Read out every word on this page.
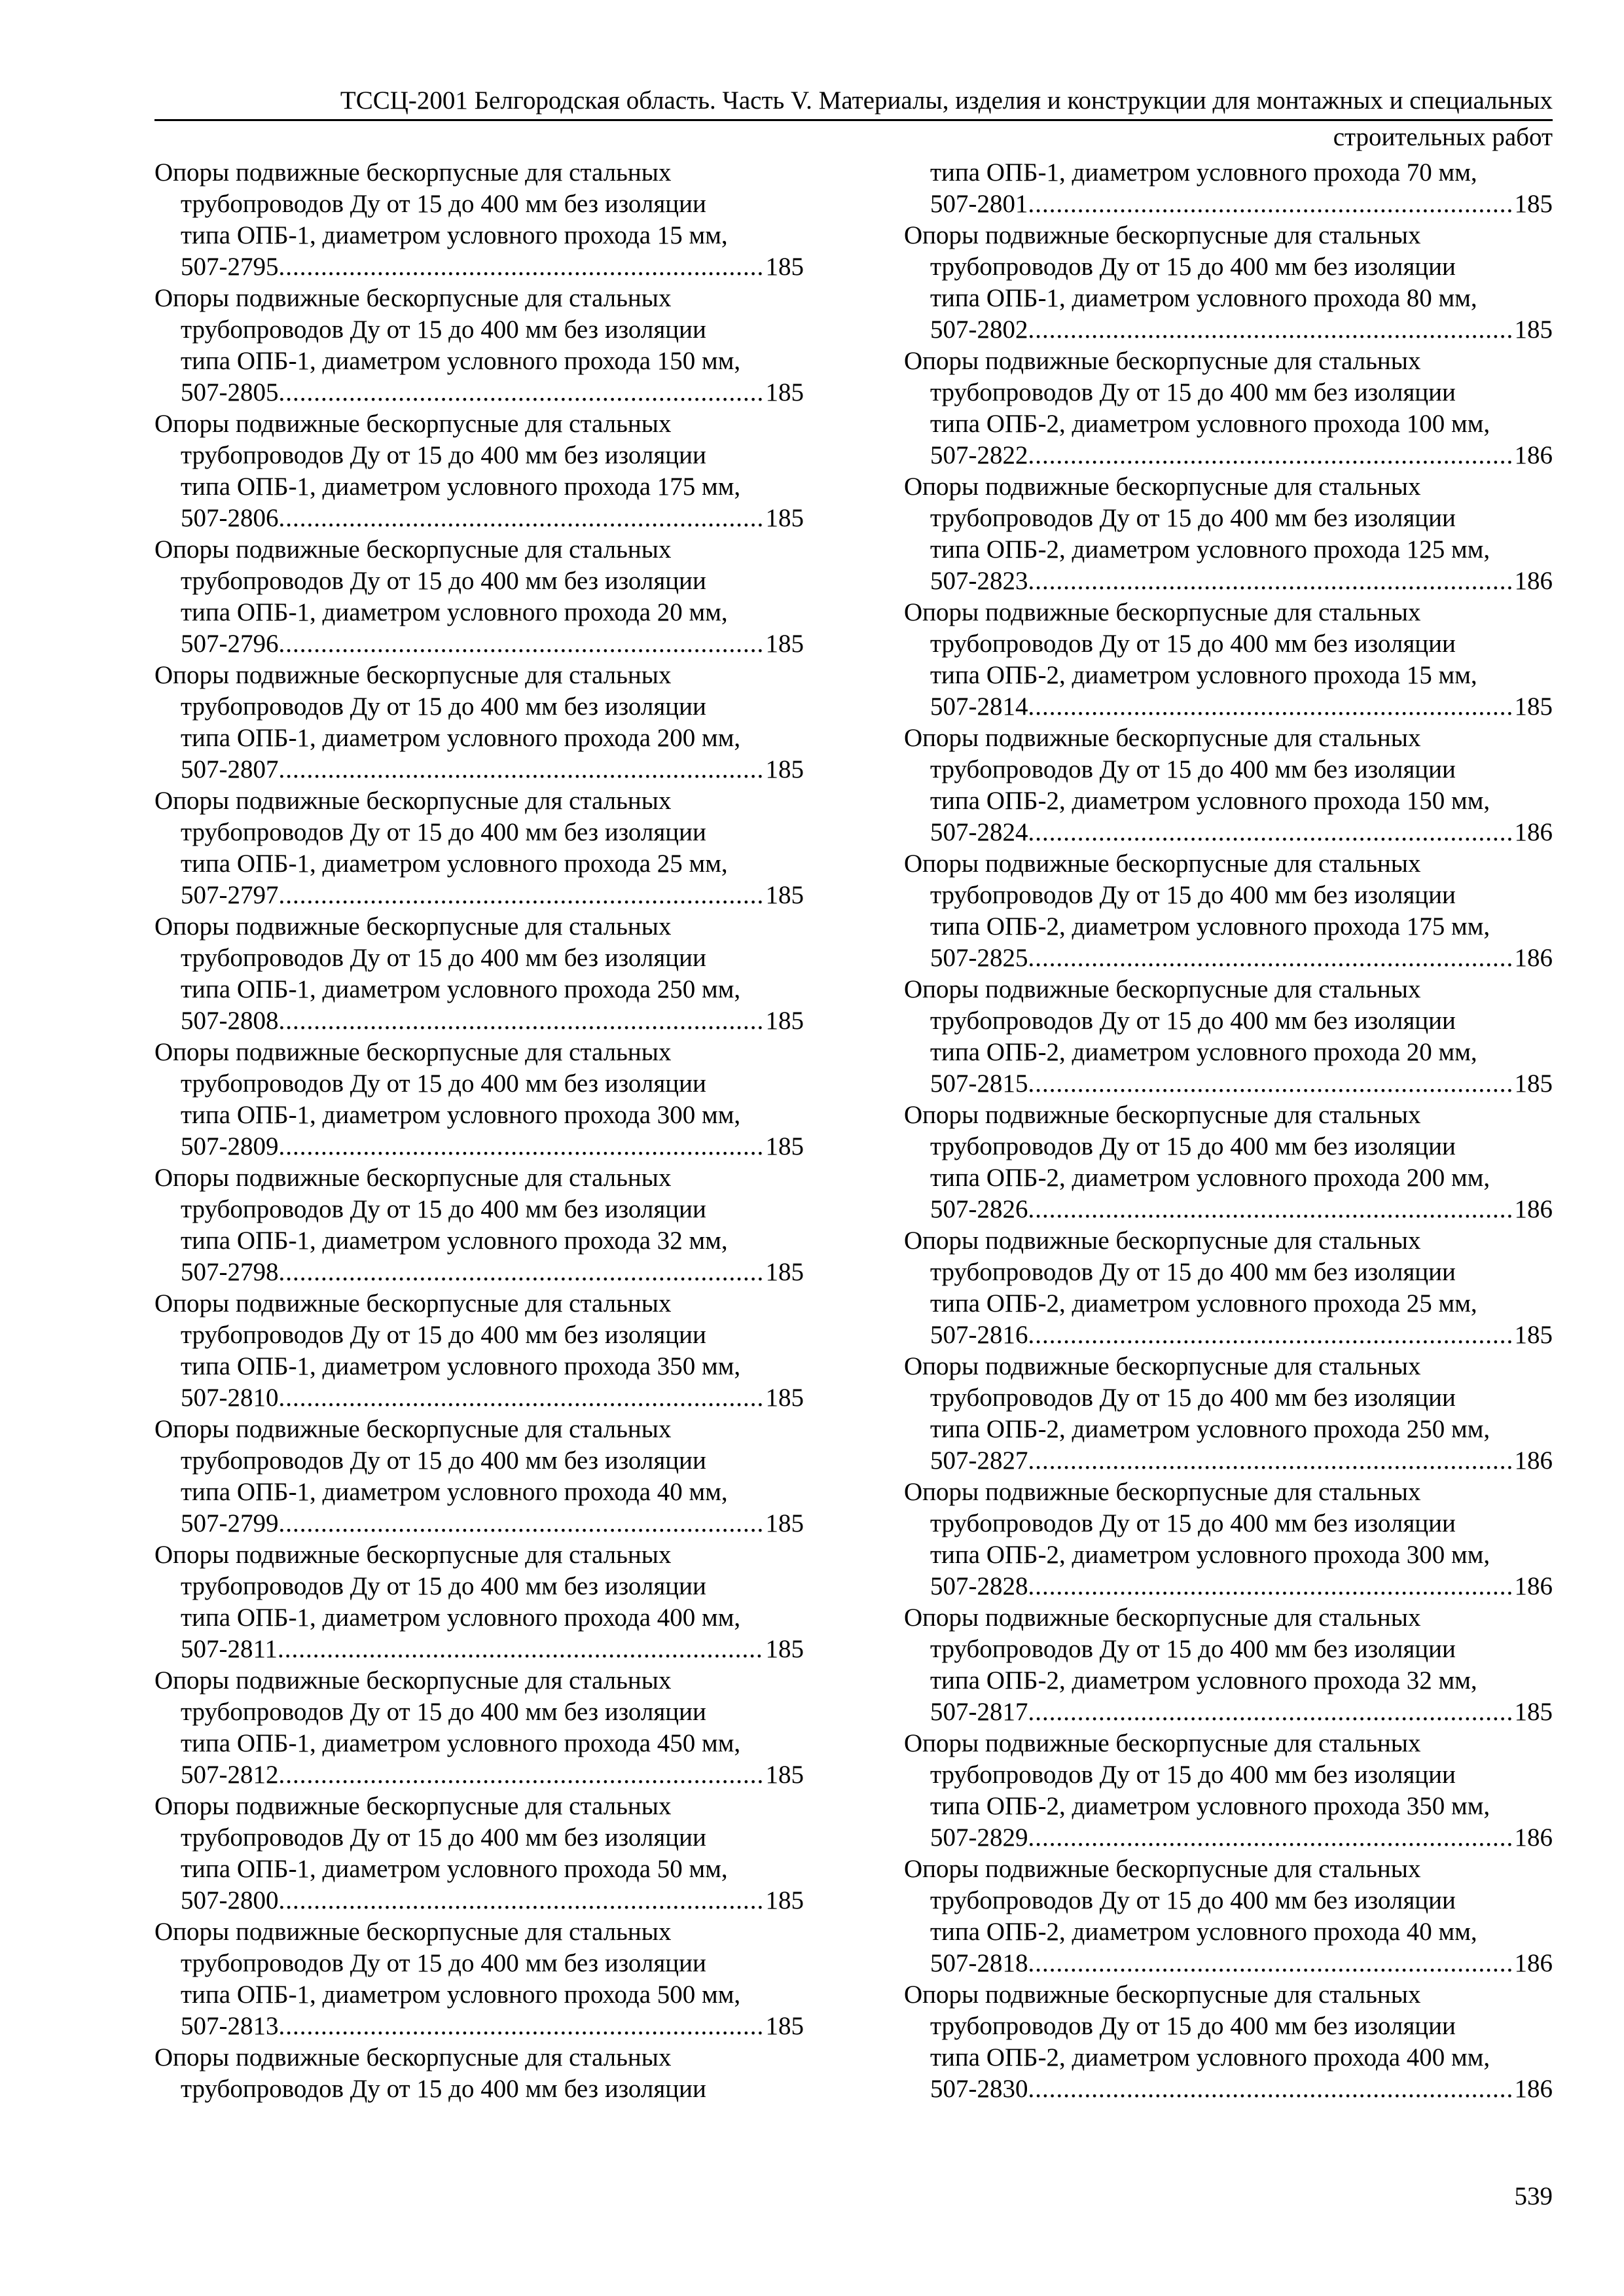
ТССЦ-2001 Белгородская область. Часть V. Материалы, изделия и конструкции для монтажных и специальных
строительных работ
Опоры подвижные бескорпусные для стальных
трубопроводов Ду от 15 до 400 мм без изоляции
типа ОПБ-1, диаметром условного прохода 15 мм,
507-2795 .....	185
Опоры подвижные бескорпусные для стальных
трубопроводов Ду от 15 до 400 мм без изоляции
типа ОПБ-1, диаметром условного прохода 150 мм,
507-2805 .....	185
Опоры подвижные бескорпусные для стальных
трубопроводов Ду от 15 до 400 мм без изоляции
типа ОПБ-1, диаметром условного прохода 175 мм,
507-2806 .....	185
Опоры подвижные бескорпусные для стальных
трубопроводов Ду от 15 до 400 мм без изоляции
типа ОПБ-1, диаметром условного прохода 20 мм,
507-2796 .....	185
Опоры подвижные бескорпусные для стальных
трубопроводов Ду от 15 до 400 мм без изоляции
типа ОПБ-1, диаметром условного прохода 200 мм,
507-2807 .....	185
Опоры подвижные бескорпусные для стальных
трубопроводов Ду от 15 до 400 мм без изоляции
типа ОПБ-1, диаметром условного прохода 25 мм,
507-2797 .....	185
Опоры подвижные бескорпусные для стальных
трубопроводов Ду от 15 до 400 мм без изоляции
типа ОПБ-1, диаметром условного прохода 250 мм,
507-2808 .....	185
Опоры подвижные бескорпусные для стальных
трубопроводов Ду от 15 до 400 мм без изоляции
типа ОПБ-1, диаметром условного прохода 300 мм,
507-2809 .....	185
Опоры подвижные бескорпусные для стальных
трубопроводов Ду от 15 до 400 мм без изоляции
типа ОПБ-1, диаметром условного прохода 32 мм,
507-2798 .....	185
Опоры подвижные бескорпусные для стальных
трубопроводов Ду от 15 до 400 мм без изоляции
типа ОПБ-1, диаметром условного прохода 350 мм,
507-2810 .....	185
Опоры подвижные бескорпусные для стальных
трубопроводов Ду от 15 до 400 мм без изоляции
типа ОПБ-1, диаметром условного прохода 40 мм,
507-2799 .....	185
Опоры подвижные бескорпусные для стальных
трубопроводов Ду от 15 до 400 мм без изоляции
типа ОПБ-1, диаметром условного прохода 400 мм,
507-2811 .....	185
Опоры подвижные бескорпусные для стальных
трубопроводов Ду от 15 до 400 мм без изоляции
типа ОПБ-1, диаметром условного прохода 450 мм,
507-2812 .....	185
Опоры подвижные бескорпусные для стальных
трубопроводов Ду от 15 до 400 мм без изоляции
типа ОПБ-1, диаметром условного прохода 50 мм,
507-2800 .....	185
Опоры подвижные бескорпусные для стальных
трубопроводов Ду от 15 до 400 мм без изоляции
типа ОПБ-1, диаметром условного прохода 500 мм,
507-2813 .....	185
Опоры подвижные бескорпусные для стальных
трубопроводов Ду от 15 до 400 мм без изоляции
типа ОПБ-1, диаметром условного прохода 70 мм,
507-2801 .....	185
Опоры подвижные бескорпусные для стальных
трубопроводов Ду от 15 до 400 мм без изоляции
типа ОПБ-1, диаметром условного прохода 80 мм,
507-2802 .....	185
Опоры подвижные бескорпусные для стальных
трубопроводов Ду от 15 до 400 мм без изоляции
типа ОПБ-2, диаметром условного прохода 100 мм,
507-2822 .....	186
Опоры подвижные бескорпусные для стальных
трубопроводов Ду от 15 до 400 мм без изоляции
типа ОПБ-2, диаметром условного прохода 125 мм,
507-2823 .....	186
Опоры подвижные бескорпусные для стальных
трубопроводов Ду от 15 до 400 мм без изоляции
типа ОПБ-2, диаметром условного прохода 15 мм,
507-2814 .....	185
Опоры подвижные бескорпусные для стальных
трубопроводов Ду от 15 до 400 мм без изоляции
типа ОПБ-2, диаметром условного прохода 150 мм,
507-2824 .....	186
Опоры подвижные бескорпусные для стальных
трубопроводов Ду от 15 до 400 мм без изоляции
типа ОПБ-2, диаметром условного прохода 175 мм,
507-2825 .....	186
Опоры подвижные бескорпусные для стальных
трубопроводов Ду от 15 до 400 мм без изоляции
типа ОПБ-2, диаметром условного прохода 20 мм,
507-2815 .....	185
Опоры подвижные бескорпусные для стальных
трубопроводов Ду от 15 до 400 мм без изоляции
типа ОПБ-2, диаметром условного прохода 200 мм,
507-2826 .....	186
Опоры подвижные бескорпусные для стальных
трубопроводов Ду от 15 до 400 мм без изоляции
типа ОПБ-2, диаметром условного прохода 25 мм,
507-2816 .....	185
Опоры подвижные бескорпусные для стальных
трубопроводов Ду от 15 до 400 мм без изоляции
типа ОПБ-2, диаметром условного прохода 250 мм,
507-2827 .....	186
Опоры подвижные бескорпусные для стальных
трубопроводов Ду от 15 до 400 мм без изоляции
типа ОПБ-2, диаметром условного прохода 300 мм,
507-2828 .....	186
Опоры подвижные бескорпусные для стальных
трубопроводов Ду от 15 до 400 мм без изоляции
типа ОПБ-2, диаметром условного прохода 32 мм,
507-2817 .....	185
Опоры подвижные бескорпусные для стальных
трубопроводов Ду от 15 до 400 мм без изоляции
типа ОПБ-2, диаметром условного прохода 350 мм,
507-2829 .....	186
Опоры подвижные бескорпусные для стальных
трубопроводов Ду от 15 до 400 мм без изоляции
типа ОПБ-2, диаметром условного прохода 40 мм,
507-2818 .....	186
Опоры подвижные бескорпусные для стальных
трубопроводов Ду от 15 до 400 мм без изоляции
типа ОПБ-2, диаметром условного прохода 400 мм,
507-2830 .....	186
539
